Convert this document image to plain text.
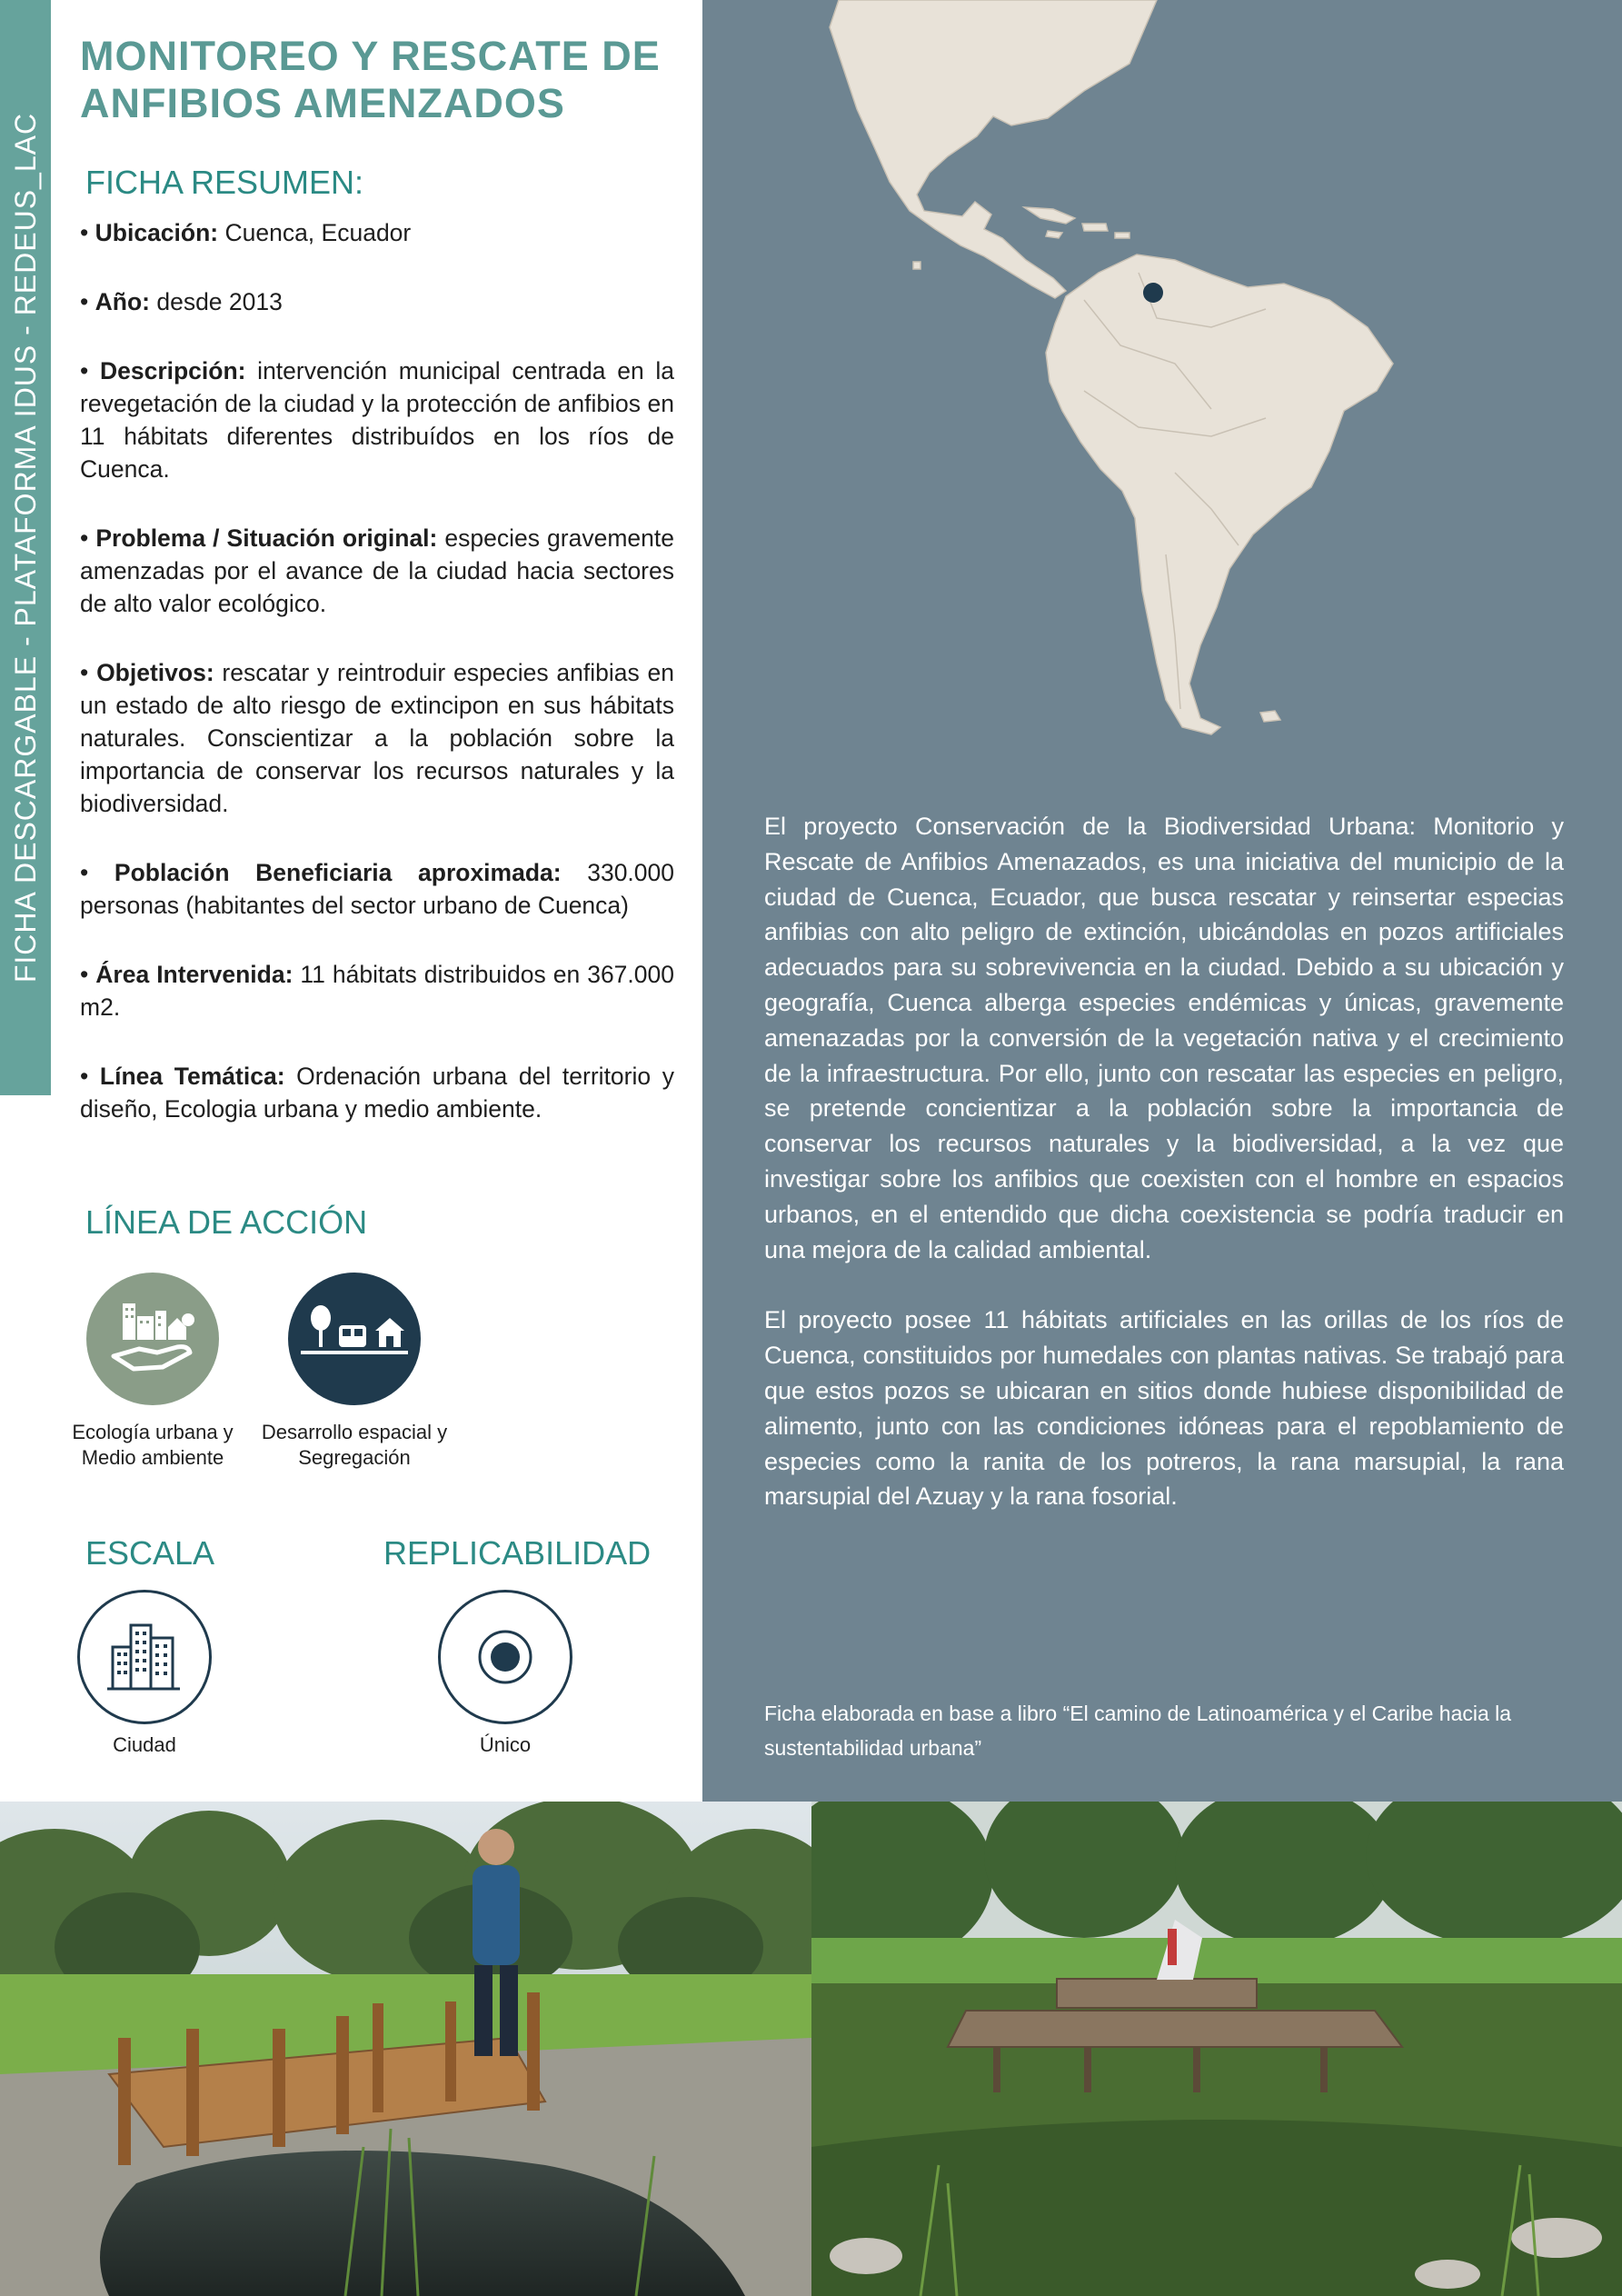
FICHA DESCARGABLE - PLATAFORMA IDUS - REDEUS_LAC
MONITOREO Y RESCATE DE
ANFIBIOS AMENZADOS
FICHA RESUMEN:

• Ubicación: Cuenca, Ecuador

• Año: desde 2013

• Descripción: intervención municipal centrada en la revegetación de la ciudad y la protección de anfibios en 11 hábitats diferentes distribuídos en los ríos de Cuenca.

• Problema / Situación original: especies gravemente amenzadas por el avance de la ciudad hacia sectores de alto valor ecológico.

• Objetivos: rescatar y reintroduir especies anfibias en un estado de alto riesgo de extincipon en sus hábitats naturales. Conscientizar a la población sobre la importancia de conservar los recursos naturales y la biodiversidad.

• Población Beneficiaria aproximada: 330.000 personas (habitantes del sector urbano de Cuenca)

• Área Intervenida: 11 hábitats distribuidos en 367.000 m2.

• Línea Temática: Ordenación urbana del territorio y diseño, Ecologia urbana y medio ambiente.

LÍNEA DE ACCIÓN
Ecología urbana y
Medio ambiente
Desarrollo espacial y
Segregación
ESCALA
Ciudad
REPLICABILIDAD
Único

El proyecto Conservación de la Biodiversidad Urbana: Monitorio y Rescate de Anfibios Amenazados, es una iniciativa del municipio de la ciudad de Cuenca, Ecuador, que busca rescatar y reinsertar especias anfibias con alto peligro de extinción, ubicándolas en pozos artificiales adecuados para su sobrevivencia en la ciudad. Debido a su ubicación y geografía, Cuenca alberga especies endémicas y únicas, gravemente amenazadas por la conversión de la vegetación nativa y el crecimiento de la infraestructura. Por ello, junto con rescatar las especies en peligro, se pretende concientizar a la población sobre la importancia de conservar los recursos naturales y la biodiversidad, a la vez que investigar sobre los anfibios que coexisten con el hombre en espacios urbanos, en el entendido que dicha coexistencia se podría traducir en una mejora de la calidad ambiental.

El proyecto posee 11 hábitats artificiales en las orillas de los ríos de Cuenca, constituidos por humedales con plantas nativas. Se trabajó para que estos pozos se ubicaran en sitios donde hubiese disponibilidad de alimento, junto con las condiciones idóneas para el repoblamiento de especies como la ranita de los potreros, la rana marsupial, la rana marsupial del Azuay y la rana fosorial.

Ficha elaborada en base a libro “El camino de Latinoamérica y el Caribe hacia la sustentabilidad urbana”
